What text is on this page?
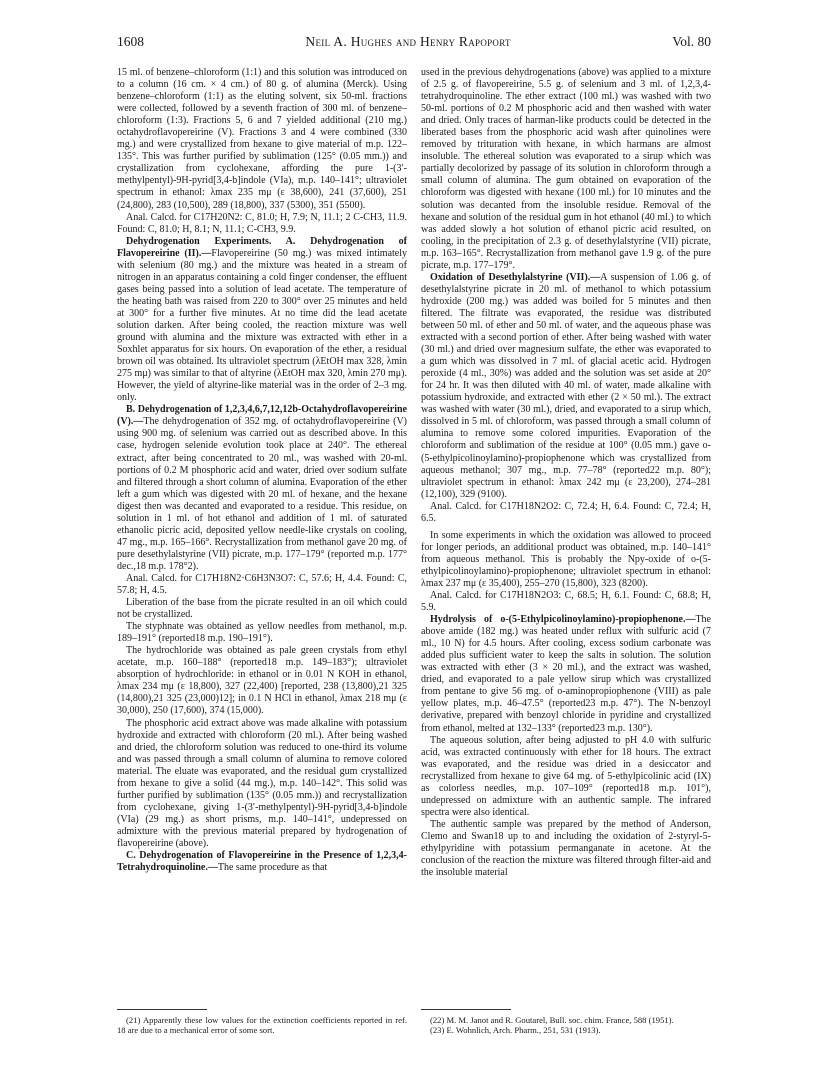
1608	Neil A. Hughes and Henry Rapoport	Vol. 80

15 ml. of benzene–chloroform (1:1) and this solution was introduced on to a column (16 cm. × 4 cm.) of 80 g. of alumina (Merck). Using benzene–chloroform (1:1) as the eluting solvent, six 50-ml. fractions were collected, followed by a seventh fraction of 300 ml. of benzene–chloroform (1:3). Fractions 5, 6 and 7 yielded additional (210 mg.) octahydroflavopereirine (V). Fractions 3 and 4 were combined (330 mg.) and were crystallized from hexane to give material of m.p. 122–135°. This was further purified by sublimation (125° (0.05 mm.)) and crystallization from cyclohexane, affording the pure 1-(3′-methylpentyl)-9H-pyrid[3,4-b]indole (VIa), m.p. 140–141°; ultraviolet spectrum in ethanol: λmax 235 mμ (ε 38,600), 241 (37,600), 251 (24,800), 283 (10,500), 289 (18,800), 337 (5300), 351 (5500).

Anal. Calcd. for C17H20N2: C, 81.0; H, 7.9; N, 11.1; 2 C-CH3, 11.9. Found: C, 81.0; H, 8.1; N, 11.1; C-CH3, 9.9.

Dehydrogenation Experiments. A. Dehydrogenation of Flavopereirine (II).—Flavopereirine (50 mg.) was mixed intimately with selenium (80 mg.) and the mixture was heated in a stream of nitrogen in an apparatus containing a cold finger condenser, the effluent gases being passed into a solution of lead acetate. The temperature of the heating bath was raised from 220 to 300° over 25 minutes and held at 300° for a further five minutes. At no time did the lead acetate solution darken. After being cooled, the reaction mixture was well ground with alumina and the mixture was extracted with ether in a Soxhlet apparatus for six hours. On evaporation of the ether, a residual brown oil was obtained. Its ultraviolet spectrum (λEtOH max 328, λmin 275 mμ) was similar to that of altyrine (λEtOH max 320, λmin 270 mμ). However, the yield of altyrine-like material was in the order of 2–3 mg. only.

B. Dehydrogenation of 1,2,3,4,6,7,12,12b-Octahydroflavopereirine (V).—The dehydrogenation of 352 mg. of octahydroflavopereirine (V) using 900 mg. of selenium was carried out as described above. In this case, hydrogen selenide evolution took place at 240°. The ethereal extract, after being concentrated to 20 ml., was washed with 20-ml. portions of 0.2 M phosphoric acid and water, dried over sodium sulfate and filtered through a short column of alumina. Evaporation of the ether left a gum which was digested with 20 ml. of hexane, and the hexane digest then was decanted and evaporated to a residue. This residue, on solution in 1 ml. of hot ethanol and addition of 1 ml. of saturated ethanolic picric acid, deposited yellow needle-like crystals on cooling, 47 mg., m.p. 165–166°. Recrystallization from methanol gave 20 mg. of pure desethylalstyrine (VII) picrate, m.p. 177–179° (reported m.p. 177° dec.,18 m.p. 178°2).

Anal. Calcd. for C17H18N2·C6H3N3O7: C, 57.6; H, 4.4. Found: C, 57.8; H, 4.5.

Liberation of the base from the picrate resulted in an oil which could not be crystallized.

The styphnate was obtained as yellow needles from methanol, m.p. 189–191° (reported18 m.p. 190–191°).

The hydrochloride was obtained as pale green crystals from ethyl acetate, m.p. 160–188° (reported18 m.p. 149–183°); ultraviolet absorption of hydrochloride: in ethanol or in 0.01 N KOH in ethanol, λmax 234 mμ (ε 18,800), 327 (22,400) [reported, 238 (13,800),21 325 (14,800),21 325 (23,000)12]; in 0.1 N HCl in ethanol, λmax 218 mμ (ε 30,000), 250 (17,600), 374 (15,000).

The phosphoric acid extract above was made alkaline with potassium hydroxide and extracted with chloroform (20 ml.). After being washed and dried, the chloroform solution was reduced to one-third its volume and was passed through a small column of alumina to remove colored material. The eluate was evaporated, and the residual gum crystallized from hexane to give a solid (44 mg.), m.p. 140–142°. This solid was further purified by sublimation (135° (0.05 mm.)) and recrystallization from cyclohexane, giving 1-(3′-methylpentyl)-9H-pyrid[3,4-b]indole (VIa) (29 mg.) as short prisms, m.p. 140–141°, undepressed on admixture with the previous material prepared by hydrogenation of flavopereirine (above).

C. Dehydrogenation of Flavopereirine in the Presence of 1,2,3,4-Tetrahydroquinoline.—The same procedure as that

(21) Apparently these low values for the extinction coefficients reported in ref. 18 are due to a mechanical error of some sort.

used in the previous dehydrogenations (above) was applied to a mixture of 2.5 g. of flavopereirine, 5.5 g. of selenium and 3 ml. of 1,2,3,4-tetrahydroquinoline. The ether extract (100 ml.) was washed with two 50-ml. portions of 0.2 M phosphoric acid and then washed with water and dried. Only traces of harman-like products could be detected in the liberated bases from the phosphoric acid wash after quinolines were removed by trituration with hexane, in which harmans are almost insoluble. The ethereal solution was evaporated to a sirup which was partially decolorized by passage of its solution in chloroform through a small column of alumina. The gum obtained on evaporation of the chloroform was digested with hexane (100 ml.) for 10 minutes and the solution was decanted from the insoluble residue. Removal of the hexane and solution of the residual gum in hot ethanol (40 ml.) to which was added slowly a hot solution of ethanol picric acid resulted, on cooling, in the precipitation of 2.3 g. of desethylalstyrine (VII) picrate, m.p. 163–165°. Recrystallization from methanol gave 1.9 g. of the pure picrate, m.p. 177–179°.

Oxidation of Desethylalstyrine (VII).—A suspension of 1.06 g. of desethylalstyrine picrate in 20 ml. of methanol to which potassium hydroxide (200 mg.) was added was boiled for 5 minutes and then filtered. The filtrate was evaporated, the residue was distributed between 50 ml. of ether and 50 ml. of water, and the aqueous phase was extracted with a second portion of ether. After being washed with water (30 ml.) and dried over magnesium sulfate, the ether was evaporated to a gum which was dissolved in 7 ml. of glacial acetic acid. Hydrogen peroxide (4 ml., 30%) was added and the solution was set aside at 20° for 24 hr. It was then diluted with 40 ml. of water, made alkaline with potassium hydroxide, and extracted with ether (2 × 50 ml.). The extract was washed with water (30 ml.), dried, and evaporated to a sirup which, dissolved in 5 ml. of chloroform, was passed through a small column of alumina to remove some colored impurities. Evaporation of the chloroform and sublimation of the residue at 100° (0.05 mm.) gave o-(5-ethylpicolinoylamino)-propiophenone which was crystallized from aqueous methanol; 307 mg., m.p. 77–78° (reported22 m.p. 80°); ultraviolet spectrum in ethanol: λmax 242 mμ (ε 23,200), 274–281 (12,100), 329 (9100).

Anal. Calcd. for C17H18N2O2: C, 72.4; H, 6.4. Found: C, 72.4; H, 6.5.

In some experiments in which the oxidation was allowed to proceed for longer periods, an additional product was obtained, m.p. 140–141° from aqueous methanol. This is probably the Npy-oxide of o-(5-ethylpicolinoylamino)-propiophenone; ultraviolet spectrum in ethanol: λmax 237 mμ (ε 35,400), 255–270 (15,800), 323 (8200).

Anal. Calcd. for C17H18N2O3: C, 68.5; H, 6.1. Found: C, 68.8; H, 5.9.

Hydrolysis of o-(5-Ethylpicolinoylamino)-propiophenone.—The above amide (182 mg.) was heated under reflux with sulfuric acid (7 ml., 10 N) for 4.5 hours. After cooling, excess sodium carbonate was added plus sufficient water to keep the salts in solution. The solution was extracted with ether (3 × 20 ml.), and the extract was washed, dried, and evaporated to a pale yellow sirup which was crystallized from pentane to give 56 mg. of o-aminopropiophenone (VIII) as pale yellow plates, m.p. 46–47.5° (reported23 m.p. 47°). The N-benzoyl derivative, prepared with benzoyl chloride in pyridine and crystallized from ethanol, melted at 132–133° (reported23 m.p. 130°).

The aqueous solution, after being adjusted to pH 4.0 with sulfuric acid, was extracted continuously with ether for 18 hours. The extract was evaporated, and the residue was dried in a desiccator and recrystallized from hexane to give 64 mg. of 5-ethylpicolinic acid (IX) as colorless needles, m.p. 107–109° (reported18 m.p. 101°), undepressed on admixture with an authentic sample. The infrared spectra were also identical.

The authentic sample was prepared by the method of Anderson, Clemo and Swan18 up to and including the oxidation of 2-styryl-5-ethylpyridine with potassium permanganate in acetone. At the conclusion of the reaction the mixture was filtered through filter-aid and the insoluble material

(22) M. M. Janot and R. Goutarel, Bull. soc. chim. France, 588 (1951).

(23) E. Wohnlich, Arch. Pharm., 251, 531 (1913).
